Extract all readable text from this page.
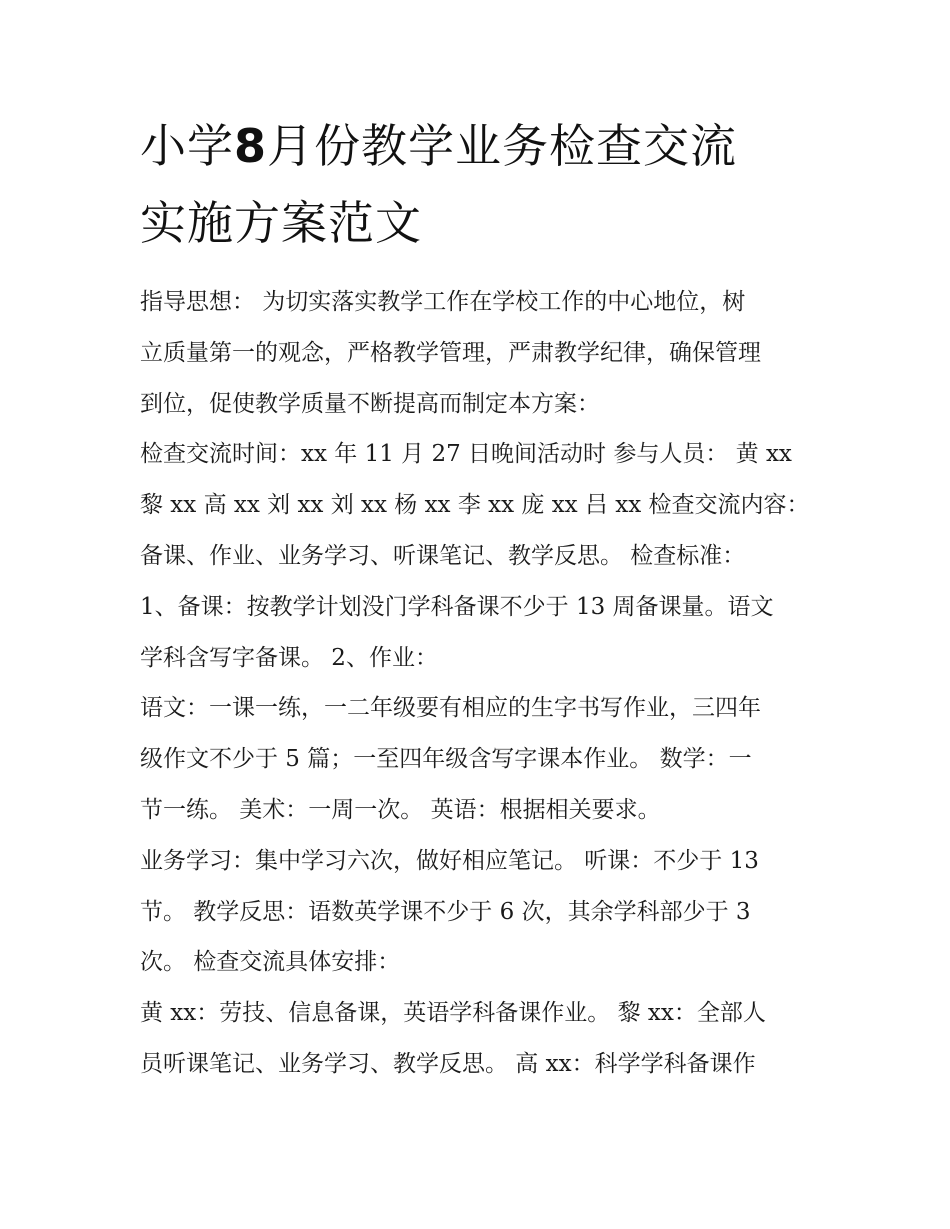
小学8月份教学业务检查交流
实施方案范文

指导思想： 为切实落实教学工作在学校工作的中心地位，树

立质量第一的观念，严格教学管理，严肃教学纪律，确保管理

到位，促使教学质量不断提高而制定本方案：

检查交流时间：xx 年 11 月 27 日晚间活动时 参与人员： 黄 xx

黎 xx 高 xx 刘 xx 刘 xx 杨 xx 李 xx 庞 xx 吕 xx 检查交流内容：

备课、作业、业务学习、听课笔记、教学反思。 检查标准：

1、备课：按教学计划没门学科备课不少于 13 周备课量。语文

学科含写字备课。 2、作业：

语文：一课一练，一二年级要有相应的生字书写作业，三四年

级作文不少于 5 篇；一至四年级含写字课本作业。 数学：一

节一练。 美术：一周一次。 英语：根据相关要求。

业务学习：集中学习六次，做好相应笔记。 听课：不少于 13

节。 教学反思：语数英学课不少于 6 次，其余学科部少于 3

次。 检查交流具体安排：

黄 xx：劳技、信息备课，英语学科备课作业。 黎 xx：全部人

员听课笔记、业务学习、教学反思。 高 xx：科学学科备课作
